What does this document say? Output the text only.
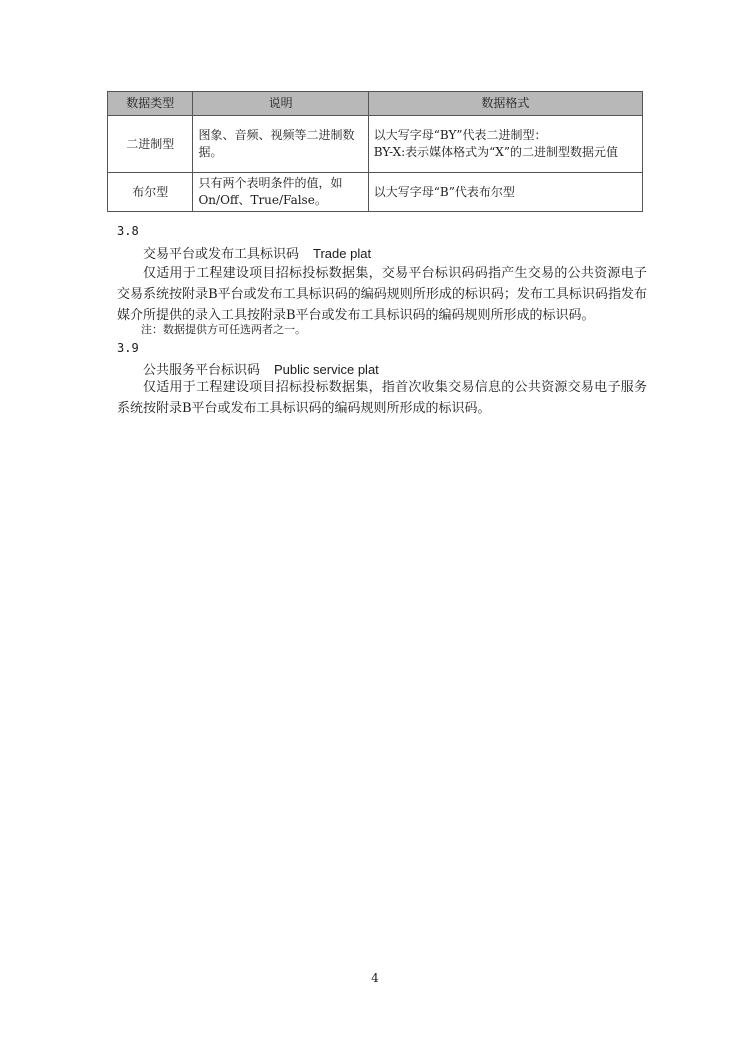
数据类型	说明	数据格式
二进制型	图象、音频、视频等二进制数据。	以大写字母“BY”代表二进制型：
BY-X:表示媒体格式为“X”的二进制型数据元值

布尔型	只有两个表明条件的值，如On/Off、True/False。	以大写字母“B”代表布尔型
3.8
交易平台或发布工具标识码 Trade plat
仅适用于工程建设项目招标投标数据集，交易平台标识码码指产生交易的公共资源电子交易系统按附录B平台或发布工具标识码的编码规则所形成的标识码；发布工具标识码指发布媒介所提供的录入工具按附录B平台或发布工具标识码的编码规则所形成的标识码。
注：数据提供方可任选两者之一。
3.9
公共服务平台标识码 Public service plat
仅适用于工程建设项目招标投标数据集，指首次收集交易信息的公共资源交易电子服务系统按附录B平台或发布工具标识码的编码规则所形成的标识码。
4
